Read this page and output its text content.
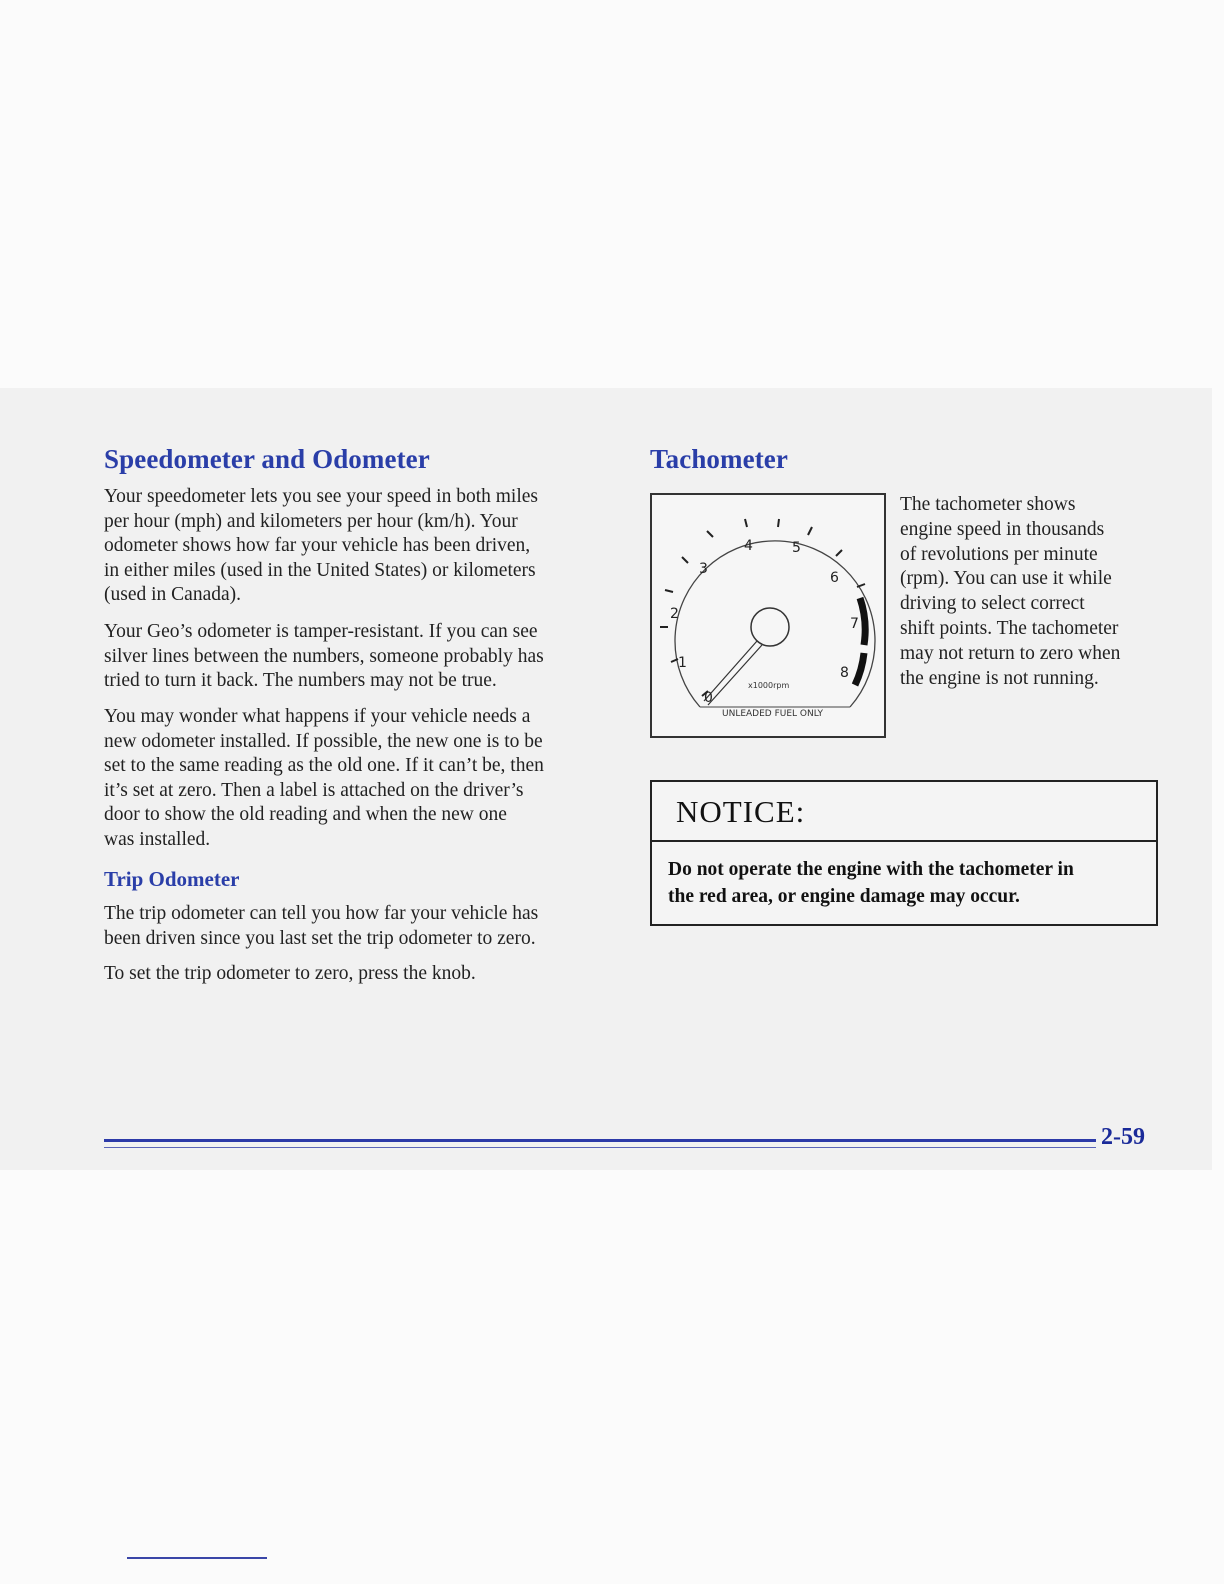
Speedometer and Odometer
Your speedometer lets you see your speed in both miles
per hour (mph) and kilometers per hour (km/h). Your
odometer shows how far your vehicle has been driven,
in either miles (used in the United States) or kilometers
(used in Canada).
Your Geo’s odometer is tamper-resistant. If you can see
silver lines between the numbers, someone probably has
tried to turn it back. The numbers may not be true.
You may wonder what happens if your vehicle needs a
new odometer installed. If possible, the new one is to be
set to the same reading as the old one. If it can’t be, then
it’s set at zero. Then a label is attached on the driver’s
door to show the old reading and when the new one
was installed.
Trip Odometer
The trip odometer can tell you how far your vehicle has
been driven since you last set the trip odometer to zero.
To set the trip odometer to zero, press the knob.
Tachometer
0
1
2
3
4	5
6
7
8
x1000rpm
UNLEADED FUEL ONLY
The tachometer shows
engine speed in thousands
of revolutions per minute
(rpm). You can use it while
driving to select correct
shift points. The tachometer
may not return to zero when
the engine is not running.
NOTICE:
Do not operate the engine with the tachometer in
the red area, or engine damage may occur.
2-59
